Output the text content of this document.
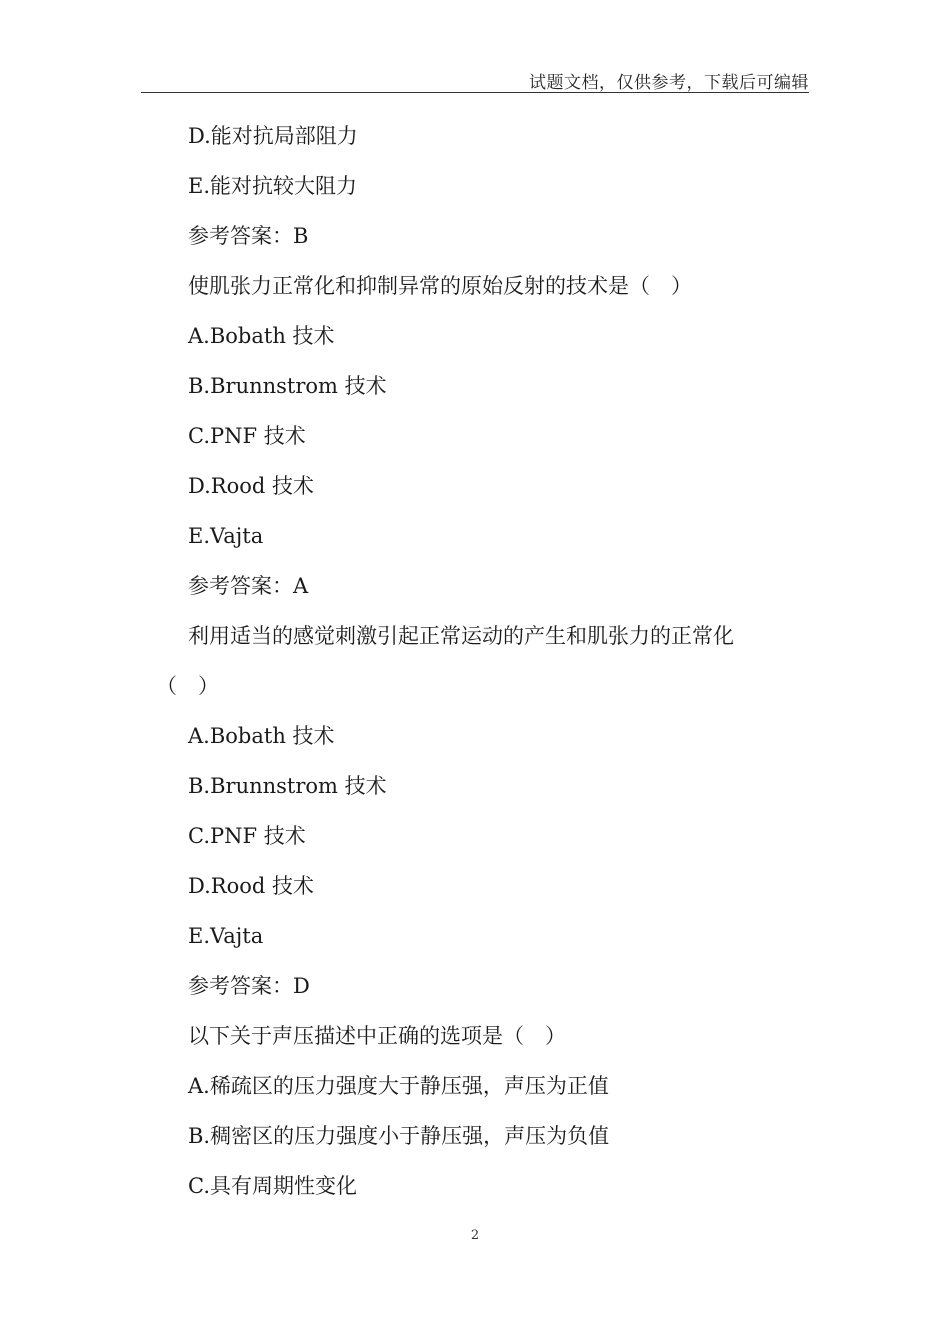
试题文档，仅供参考，下载后可编辑
D.能对抗局部阻力
E.能对抗较大阻力
参考答案：B
使肌张力正常化和抑制异常的原始反射的技术是（　）
A.Bobath 技术
B.Brunnstrom 技术
C.PNF 技术
D.Rood 技术
E.Vajta
参考答案：A
利用适当的感觉刺激引起正常运动的产生和肌张力的正常化
（　）
A.Bobath 技术
B.Brunnstrom 技术
C.PNF 技术
D.Rood 技术
E.Vajta
参考答案：D
以下关于声压描述中正确的选项是（　）
A.稀疏区的压力强度大于静压强，声压为正值
B.稠密区的压力强度小于静压强，声压为负值
C.具有周期性变化
2
